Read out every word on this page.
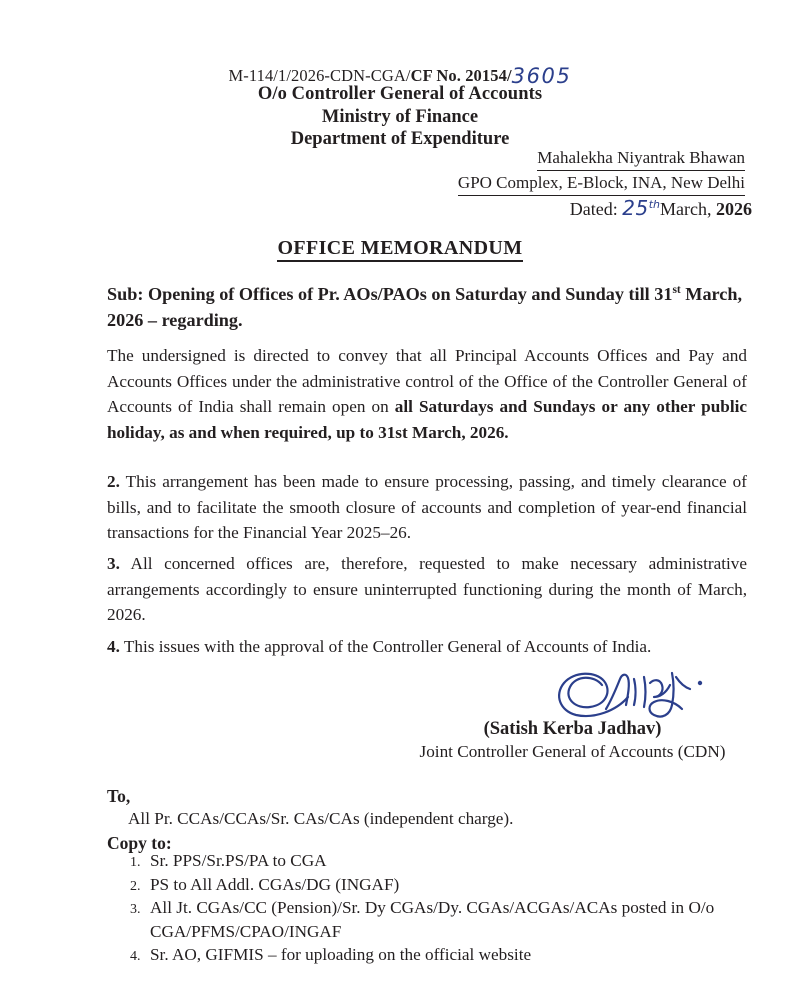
M-114/1/2026-CDN-CGA/CF No. 20154/3605
O/o Controller General of Accounts
Ministry of Finance
Department of Expenditure
Mahalekha Niyantrak Bhawan
GPO Complex, E-Block, INA, New Delhi
Dated: 25thMarch, 2026
OFFICE MEMORANDUM
Sub: Opening of Offices of Pr. AOs/PAOs on Saturday and Sunday till 31st March, 2026 – regarding.
The undersigned is directed to convey that all Principal Accounts Offices and Pay and Accounts Offices under the administrative control of the Office of the Controller General of Accounts of India shall remain open on all Saturdays and Sundays or any other public holiday, as and when required, up to 31st March, 2026.
2. This arrangement has been made to ensure processing, passing, and timely clearance of bills, and to facilitate the smooth closure of accounts and completion of year-end financial transactions for the Financial Year 2025–26.
3. All concerned offices are, therefore, requested to make necessary administrative arrangements accordingly to ensure uninterrupted functioning during the month of March, 2026.
4. This issues with the approval of the Controller General of Accounts of India.
(Satish Kerba Jadhav)
Joint Controller General of Accounts (CDN)
To,
All Pr. CCAs/CCAs/Sr. CAs/CAs (independent charge).
Copy to:
1. Sr. PPS/Sr.PS/PA to CGA
2. PS to All Addl. CGAs/DG (INGAF)
3. All Jt. CGAs/CC (Pension)/Sr. Dy CGAs/Dy. CGAs/ACGAs/ACAs posted in O/o CGA/PFMS/CPAO/INGAF
4. Sr. AO, GIFMIS – for uploading on the official website
